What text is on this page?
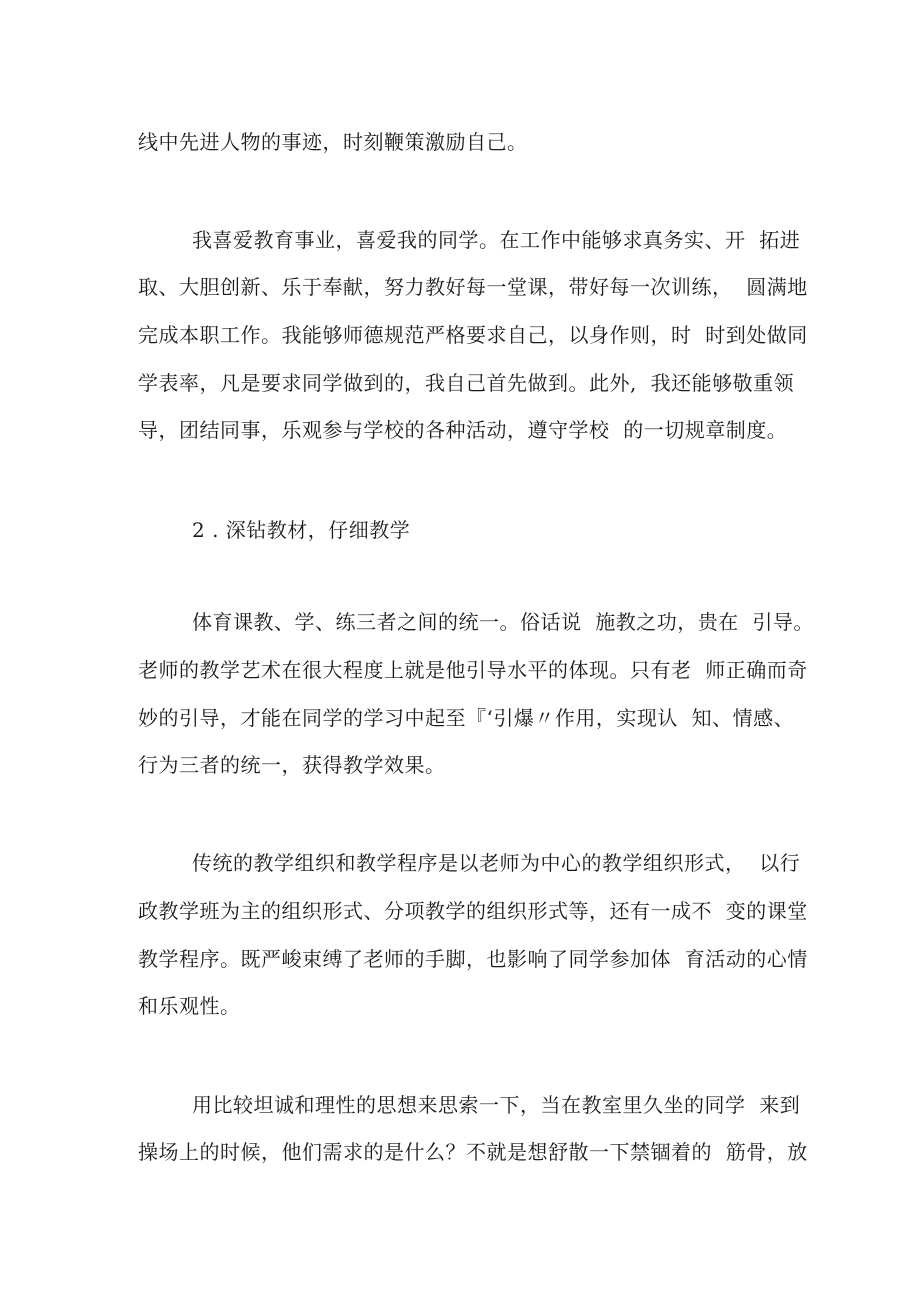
线中先进人物的事迹，时刻鞭策激励自己。
我喜爱教育事业，喜爱我的同学。在工作中能够求真务实、开  拓进
取、大胆创新、乐于奉献，努力教好每一堂课，带好每一次训练，  圆满地
完成本职工作。我能够师德规范严格要求自己，以身作则，时  时到处做同
学表率，凡是要求同学做到的，我自己首先做到。此外,  我还能够敬重领
导，团结同事，乐观参与学校的各种活动，遵守学校  的一切规章制度。
2 . 深钻教材，仔细教学
体育课教、学、练三者之间的统一。俗话说  施教之功，贵在  引导。
老师的教学艺术在很大程度上就是他引导水平的体现。只有老  师正确而奇
妙的引导，才能在同学的学习中起至『‘引爆〃作用，实现认  知、情感、
行为三者的统一，获得教学效果。
传统的教学组织和教学程序是以老师为中心的教学组织形式，  以行
政教学班为主的组织形式、分项教学的组织形式等，还有一成不  变的课堂
教学程序。既严峻束缚了老师的手脚，也影响了同学参加体  育活动的心情
和乐观性。
用比较坦诚和理性的思想来思索一下，当在教室里久坐的同学  来到
操场上的时候，他们需求的是什么？不就是想舒散一下禁锢着的  筋骨，放
